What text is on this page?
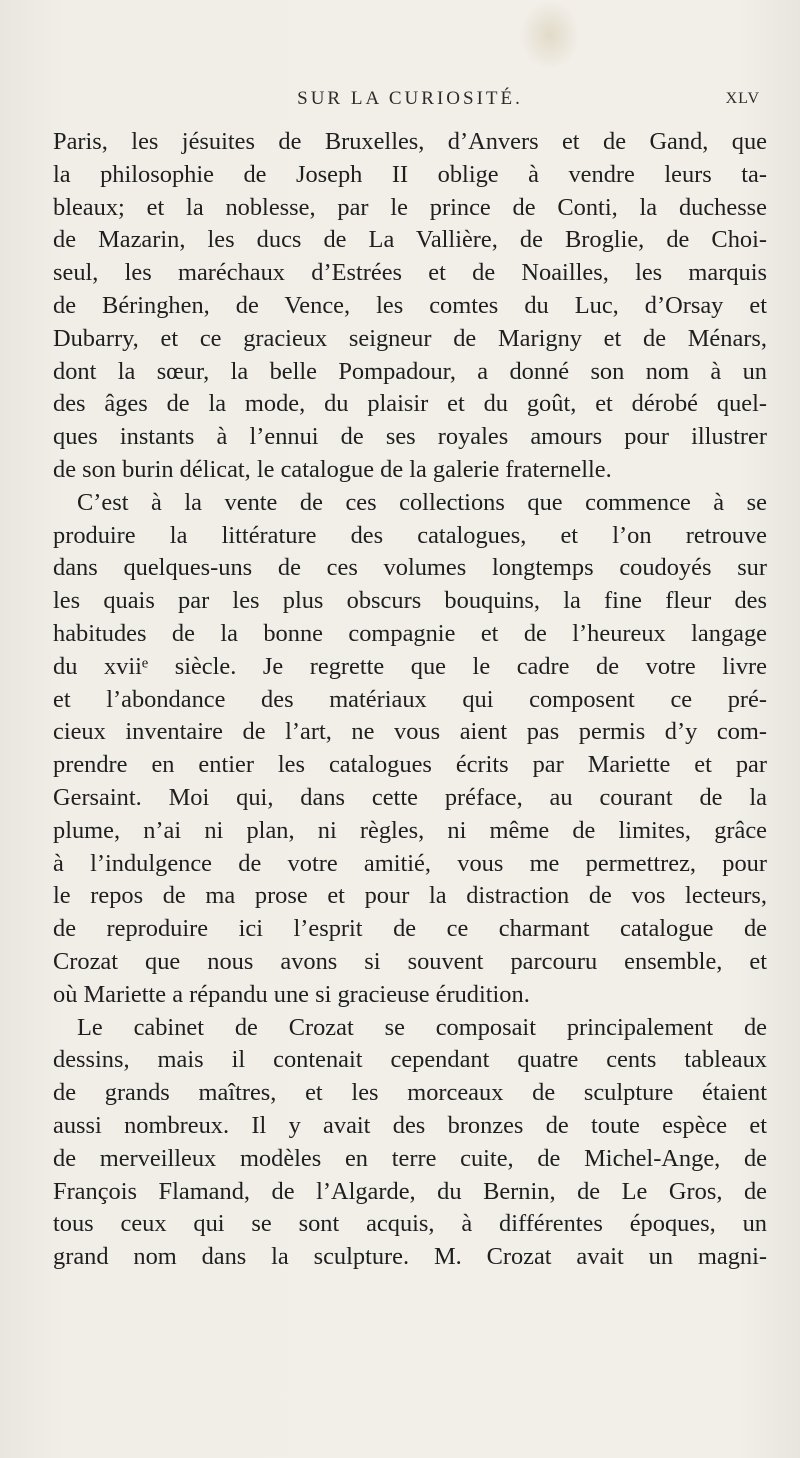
SUR LA CURIOSITÉ.	XLV
Paris, les jésuites de Bruxelles, d’Anvers et de Gand, que
la philosophie de Joseph II oblige à vendre leurs ta-
bleaux; et la noblesse, par le prince de Conti, la duchesse
de Mazarin, les ducs de La Vallière, de Broglie, de Choi-
seul, les maréchaux d’Estrées et de Noailles, les marquis
de Béringhen, de Vence, les comtes du Luc, d’Orsay et
Dubarry, et ce gracieux seigneur de Marigny et de Ménars,
dont la sœur, la belle Pompadour, a donné son nom à un
des âges de la mode, du plaisir et du goût, et dérobé quel-
ques instants à l’ennui de ses royales amours pour illustrer
de son burin délicat, le catalogue de la galerie fraternelle.
C’est à la vente de ces collections que commence à se
produire la littérature des catalogues, et l’on retrouve
dans quelques-uns de ces volumes longtemps coudoyés sur
les quais par les plus obscurs bouquins, la fine fleur des
habitudes de la bonne compagnie et de l’heureux langage
du xviiᵉ siècle. Je regrette que le cadre de votre livre
et l’abondance des matériaux qui composent ce pré-
cieux inventaire de l’art, ne vous aient pas permis d’y com-
prendre en entier les catalogues écrits par Mariette et par
Gersaint. Moi qui, dans cette préface, au courant de la
plume, n’ai ni plan, ni règles, ni même de limites, grâce
à l’indulgence de votre amitié, vous me permettrez, pour
le repos de ma prose et pour la distraction de vos lecteurs,
de reproduire ici l’esprit de ce charmant catalogue de
Crozat que nous avons si souvent parcouru ensemble, et
où Mariette a répandu une si gracieuse érudition.
Le cabinet de Crozat se composait principalement de
dessins, mais il contenait cependant quatre cents tableaux
de grands maîtres, et les morceaux de sculpture étaient
aussi nombreux. Il y avait des bronzes de toute espèce et
de merveilleux modèles en terre cuite, de Michel-Ange, de
François Flamand, de l’Algarde, du Bernin, de Le Gros, de
tous ceux qui se sont acquis, à différentes époques, un
grand nom dans la sculpture. M. Crozat avait un magni-
